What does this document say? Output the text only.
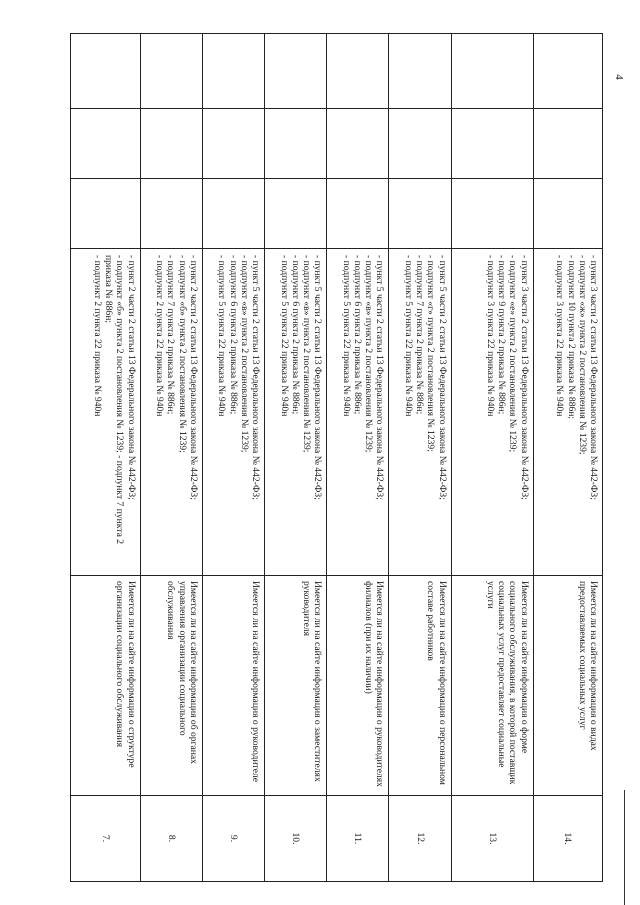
4

			- пункт 3 части 2 статьи 13 Федерального закона № 442-ФЗ;
- подпункт «ж» пункта 2 постановления № 1239;
- подпункт 10 пункта 2 приказа № 886н;
- подпункт 3 пункта 22 приказа № 940н	Имеется ли на сайте информация о видах предоставляемых социальных услуг	14.

			- пункт 3 части 2 статьи 13 Федерального закона № 442-ФЗ;
- подпункт «е» пункта 2 постановления № 1239;
- подпункт 9 пункта 2 приказа № 886н;
- подпункт 3 пункта 22 приказа № 940н	Имеется ли на сайте информация о форме социального обслуживания, в которой поставщик социальных услуг предоставляет социальные услуги	13.

			- пункт 5 части 2 статьи 13 Федерального закона № 442-ФЗ;
- подпункт «г» пункта 2 постановления № 1239;
- подпункт 7 пункта 2 приказа № 886н;
- подпункт 5 пункта 22 приказа № 940н	Имеется ли на сайте информация о персональном составе работников	12.

			- пункт 5 части 2 статьи 13 Федерального закона № 442-ФЗ;
- подпункт «в» пункта 2 постановления № 1239;
- подпункт 6 пункта 2 приказа № 886н;
- подпункт 5 пункта 22 приказа № 940н	Имеется ли на сайте информация о руководителях филиалов (при их наличии)	11.

			- пункт 5 части 2 статьи 13 Федерального закона № 442-ФЗ;
- подпункт «в» пункта 2 постановления № 1239;
- подпункт 6 пункта 2 приказа № 886н;
- подпункт 5 пункта 22 приказа № 940н	Имеется ли на сайте информация о заместителях руководителя	10.

			- пункт 5 части 2 статьи 13 Федерального закона № 442-ФЗ;
- подпункт «в» пункта 2 постановления № 1239;
- подпункт 6 пункта 2 приказа № 886н;
- подпункт 5 пункта 22 приказа № 940н	Имеется ли на сайте информация о руководителе	9.

			- пункт 2 части 2 статьи 13 Федерального закона № 442-ФЗ;
- подпункт «б» пункта 2 постановления № 1239;
- подпункт 7 пункта 2 приказа № 886н;
- подпункт 2 пункта 22 приказа № 940н	Имеется ли на сайте информация об органах управления организации социального обслуживания	8.

			- пункт 2 части 2 статьи 13 Федерального закона № 442-ФЗ;
- подпункт «б» пункта 2 постановления № 1239; - подпункт 7 пункта 2
приказа № 886н;
- подпункт 2 пункта 22 приказа № 940н	Имеется ли на сайте информация о структуре организации социального обслуживания	7.
